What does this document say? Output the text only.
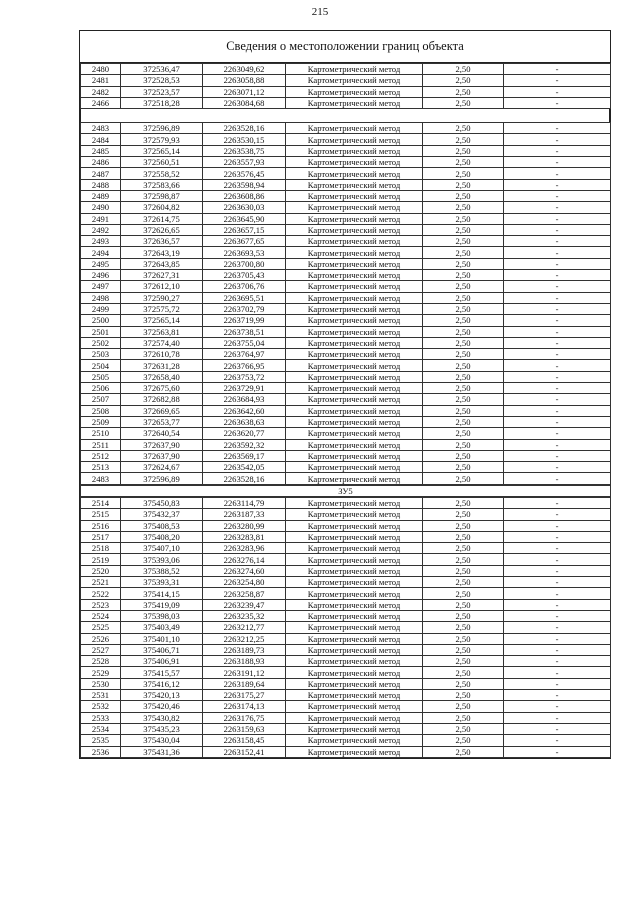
215
Сведения о местоположении границ объекта
2480	372536,47	2263049,62	Картометрический метод	2,50	-
2481	372528,53	2263058,88	Картометрический метод	2,50	-
2482	372523,57	2263071,12	Картометрический метод	2,50	-
2466	372518,28	2263084,68	Картометрический метод	2,50	-
2483	372596,89	2263528,16	Картометрический метод	2,50	-
2484	372579,93	2263530,15	Картометрический метод	2,50	-
2485	372565,14	2263538,75	Картометрический метод	2,50	-
2486	372560,51	2263557,93	Картометрический метод	2,50	-
2487	372558,52	2263576,45	Картометрический метод	2,50	-
2488	372583,66	2263598,94	Картометрический метод	2,50	-
2489	372598,87	2263608,86	Картометрический метод	2,50	-
2490	372604,82	2263630,03	Картометрический метод	2,50	-
2491	372614,75	2263645,90	Картометрический метод	2,50	-
2492	372626,65	2263657,15	Картометрический метод	2,50	-
2493	372636,57	2263677,65	Картометрический метод	2,50	-
2494	372643,19	2263693,53	Картометрический метод	2,50	-
2495	372643,85	2263700,80	Картометрический метод	2,50	-
2496	372627,31	2263705,43	Картометрический метод	2,50	-
2497	372612,10	2263706,76	Картометрический метод	2,50	-
2498	372590,27	2263695,51	Картометрический метод	2,50	-
2499	372575,72	2263702,79	Картометрический метод	2,50	-
2500	372565,14	2263719,99	Картометрический метод	2,50	-
2501	372563,81	2263738,51	Картометрический метод	2,50	-
2502	372574,40	2263755,04	Картометрический метод	2,50	-
2503	372610,78	2263764,97	Картометрический метод	2,50	-
2504	372631,28	2263766,95	Картометрический метод	2,50	-
2505	372658,40	2263753,72	Картометрический метод	2,50	-
2506	372675,60	2263729,91	Картометрический метод	2,50	-
2507	372682,88	2263684,93	Картометрический метод	2,50	-
2508	372669,65	2263642,60	Картометрический метод	2,50	-
2509	372653,77	2263638,63	Картометрический метод	2,50	-
2510	372640,54	2263620,77	Картометрический метод	2,50	-
2511	372637,90	2263592,32	Картометрический метод	2,50	-
2512	372637,90	2263569,17	Картометрический метод	2,50	-
2513	372624,67	2263542,05	Картометрический метод	2,50	-
2483	372596,89	2263528,16	Картометрический метод	2,50	-
ЗУ5
2514	375450,83	2263114,79	Картометрический метод	2,50	-
2515	375432,37	2263187,33	Картометрический метод	2,50	-
2516	375408,53	2263280,99	Картометрический метод	2,50	-
2517	375408,20	2263283,81	Картометрический метод	2,50	-
2518	375407,10	2263283,96	Картометрический метод	2,50	-
2519	375393,06	2263276,14	Картометрический метод	2,50	-
2520	375388,52	2263274,60	Картометрический метод	2,50	-
2521	375393,31	2263254,80	Картометрический метод	2,50	-
2522	375414,15	2263258,87	Картометрический метод	2,50	-
2523	375419,09	2263239,47	Картометрический метод	2,50	-
2524	375398,03	2263235,32	Картометрический метод	2,50	-
2525	375403,49	2263212,77	Картометрический метод	2,50	-
2526	375401,10	2263212,25	Картометрический метод	2,50	-
2527	375406,71	2263189,73	Картометрический метод	2,50	-
2528	375406,91	2263188,93	Картометрический метод	2,50	-
2529	375415,57	2263191,12	Картометрический метод	2,50	-
2530	375416,12	2263189,64	Картометрический метод	2,50	-
2531	375420,13	2263175,27	Картометрический метод	2,50	-
2532	375420,46	2263174,13	Картометрический метод	2,50	-
2533	375430,82	2263176,75	Картометрический метод	2,50	-
2534	375435,23	2263159,63	Картометрический метод	2,50	-
2535	375430,04	2263158,45	Картометрический метод	2,50	-
2536	375431,36	2263152,41	Картометрический метод	2,50	-
